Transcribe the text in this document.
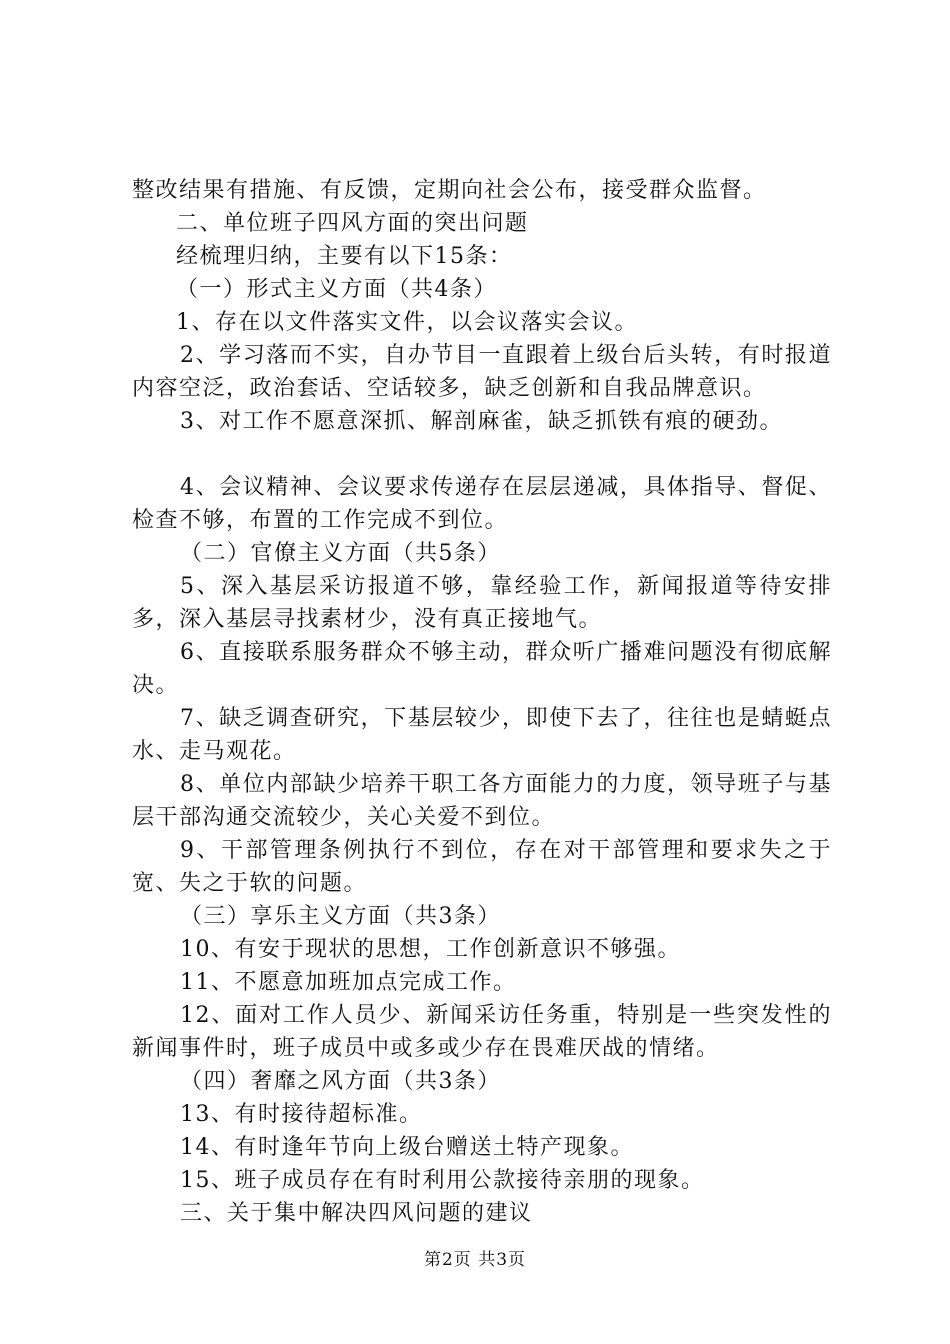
整改结果有措施、有反馈，定期向社会公布，接受群众监督。

二、单位班子四风方面的突出问题

经梳理归纳，主要有以下15条：

（一）形式主义方面（共4条）

1、存在以文件落实文件，以会议落实会议。

2、学习落而不实，自办节目一直跟着上级台后头转，有时报道内容空泛，政治套话、空话较多，缺乏创新和自我品牌意识。

3、对工作不愿意深抓、解剖麻雀，缺乏抓铁有痕的硬劲。

4、会议精神、会议要求传递存在层层递减，具体指导、督促、检查不够，布置的工作完成不到位。

（二）官僚主义方面（共5条）

5、深入基层采访报道不够，靠经验工作，新闻报道等待安排多，深入基层寻找素材少，没有真正接地气。

6、直接联系服务群众不够主动，群众听广播难问题没有彻底解决。

7、缺乏调查研究，下基层较少，即使下去了，往往也是蜻蜓点水、走马观花。

8、单位内部缺少培养干职工各方面能力的力度，领导班子与基层干部沟通交流较少，关心关爱不到位。

9、干部管理条例执行不到位，存在对干部管理和要求失之于宽、失之于软的问题。

（三）享乐主义方面（共3条）

10、有安于现状的思想，工作创新意识不够强。

11、不愿意加班加点完成工作。

12、面对工作人员少、新闻采访任务重，特别是一些突发性的新闻事件时，班子成员中或多或少存在畏难厌战的情绪。

（四）奢靡之风方面（共3条）

13、有时接待超标准。

14、有时逢年节向上级台赠送土特产现象。

15、班子成员存在有时利用公款接待亲朋的现象。

三、关于集中解决四风问题的建议

第2页 共3页
